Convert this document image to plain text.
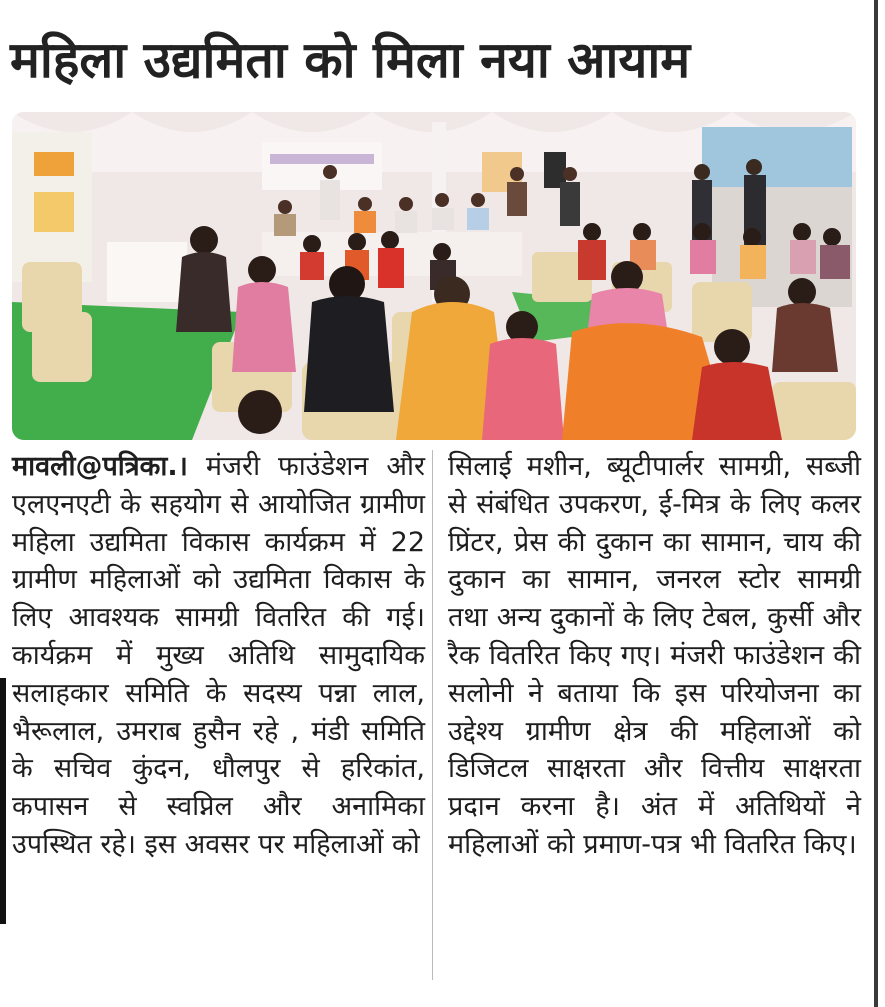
महिला उद्यमिता को मिला नया आयाम

मावली@पत्रिका.। मंजरी फाउंडेशन और एलएनएटी के सहयोग से आयोजित ग्रामीण महिला उद्यमिता विकास कार्यक्रम में 22 ग्रामीण महिलाओं को उद्यमिता विकास के लिए आवश्यक सामग्री वितरित की गई। कार्यक्रम में मुख्य अतिथि सामुदायिक सलाहकार समिति के सदस्य पन्ना लाल, भैरूलाल, उमराब हुसैन रहे , मंडी समिति के सचिव कुंदन, धौलपुर से हरिकांत, कपासन से स्वप्निल और अनामिका उपस्थित रहे। इस अवसर पर महिलाओं को

सिलाई मशीन, ब्यूटीपार्लर सामग्री, सब्जी से संबंधित उपकरण, ई-मित्र के लिए कलर प्रिंटर, प्रेस की दुकान का सामान, चाय की दुकान का सामान, जनरल स्टोर सामग्री तथा अन्य दुकानों के लिए टेबल, कुर्सी और रैक वितरित किए गए। मंजरी फाउंडेशन की सलोनी ने बताया कि इस परियोजना का उद्देश्य ग्रामीण क्षेत्र की महिलाओं को डिजिटल साक्षरता और वित्तीय साक्षरता प्रदान करना है। अंत में अतिथियों ने महिलाओं को प्रमाण-पत्र भी वितरित किए।
